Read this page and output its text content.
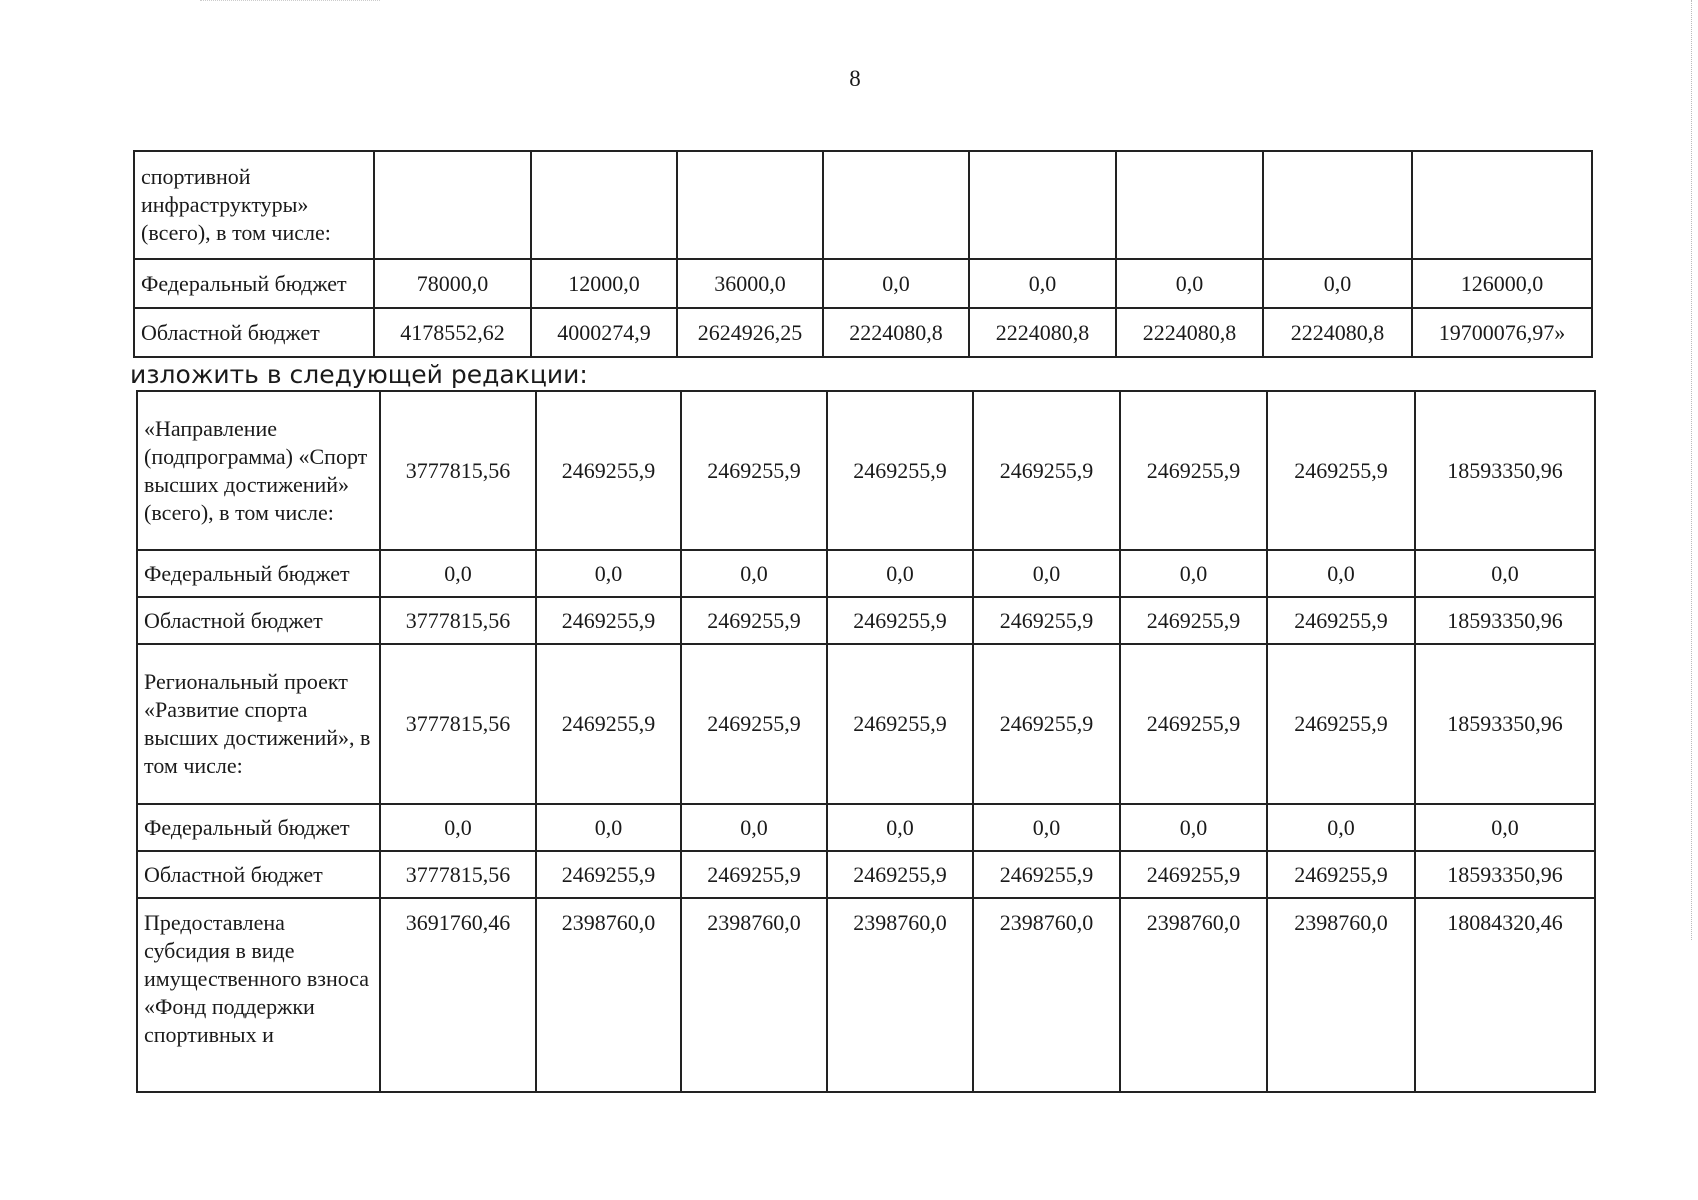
8
спортивной инфраструктуры» (всего), в том числе:								
Федеральный бюджет	78000,0	12000,0	36000,0	0,0	0,0	0,0	0,0	126000,0
Областной бюджет	4178552,62	4000274,9	2624926,25	2224080,8	2224080,8	2224080,8	2224080,8	19700076,97»
изложить в следующей редакции:
«Направление (подпрограмма) «Спорт высших достижений» (всего), в том числе:	3777815,56	2469255,9	2469255,9	2469255,9	2469255,9	2469255,9	2469255,9	18593350,96
Федеральный бюджет	0,0	0,0	0,0	0,0	0,0	0,0	0,0	0,0
Областной бюджет	3777815,56	2469255,9	2469255,9	2469255,9	2469255,9	2469255,9	2469255,9	18593350,96
Региональный проект «Развитие спорта высших достижений», в том числе:	3777815,56	2469255,9	2469255,9	2469255,9	2469255,9	2469255,9	2469255,9	18593350,96
Федеральный бюджет	0,0	0,0	0,0	0,0	0,0	0,0	0,0	0,0
Областной бюджет	3777815,56	2469255,9	2469255,9	2469255,9	2469255,9	2469255,9	2469255,9	18593350,96
Предоставлена субсидия в виде имущественного взноса «Фонд поддержки спортивных и	3691760,46	2398760,0	2398760,0	2398760,0	2398760,0	2398760,0	2398760,0	18084320,46
